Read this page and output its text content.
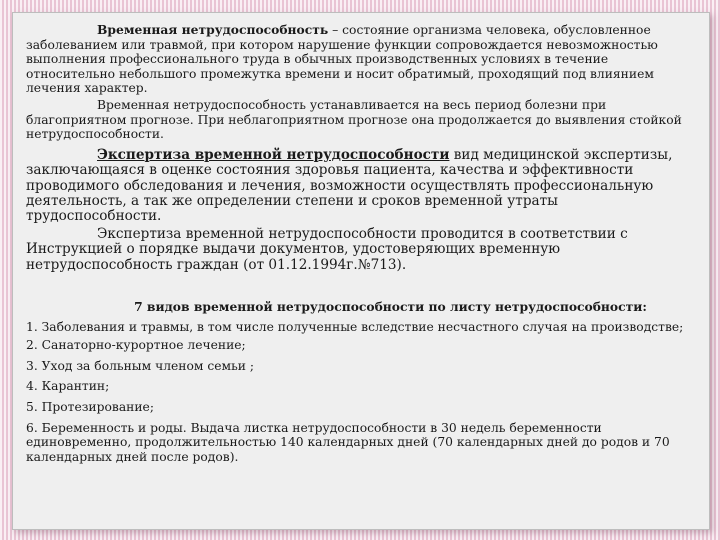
Временная нетрудоспособность – состояние организма человека, обусловленное заболеванием или травмой, при котором нарушение функции сопровождается невозможностью выполнения профессионального труда в обычных производственных условиях в течение относительно небольшого промежутка времени и носит обратимый, проходящий под влиянием лечения характер.

Временная нетрудоспособность устанавливается на весь период болезни при благоприятном прогнозе. При неблагоприятном прогнозе она продолжается до выявления стойкой нетрудоспособности.

Экспертиза временной нетрудоспособности вид медицинской экспертизы, заключающаяся в оценке состояния здоровья пациента, качества и эффективности проводимого обследования и лечения, возможности осуществлять профессиональную деятельность, а так же определении степени и сроков временной утраты трудоспособности.

Экспертиза временной нетрудоспособности проводится в соответствии с Инструкцией о порядке выдачи документов, удостоверяющих временную нетрудоспособность граждан (от 01.12.1994г.№713).

7 видов временной нетрудоспособности по листу нетрудоспособности:

1. Заболевания и травмы, в том числе полученные вследствие несчастного случая на производстве;

2. Санаторно-курортное лечение;

3. Уход за больным членом семьи ;

4. Карантин;

5. Протезирование;

6. Беременность и роды. Выдача листка нетрудоспособности в 30 недель беременности единовременно, продолжительностью 140 календарных дней (70 календарных дней до родов и 70 календарных дней после родов).
